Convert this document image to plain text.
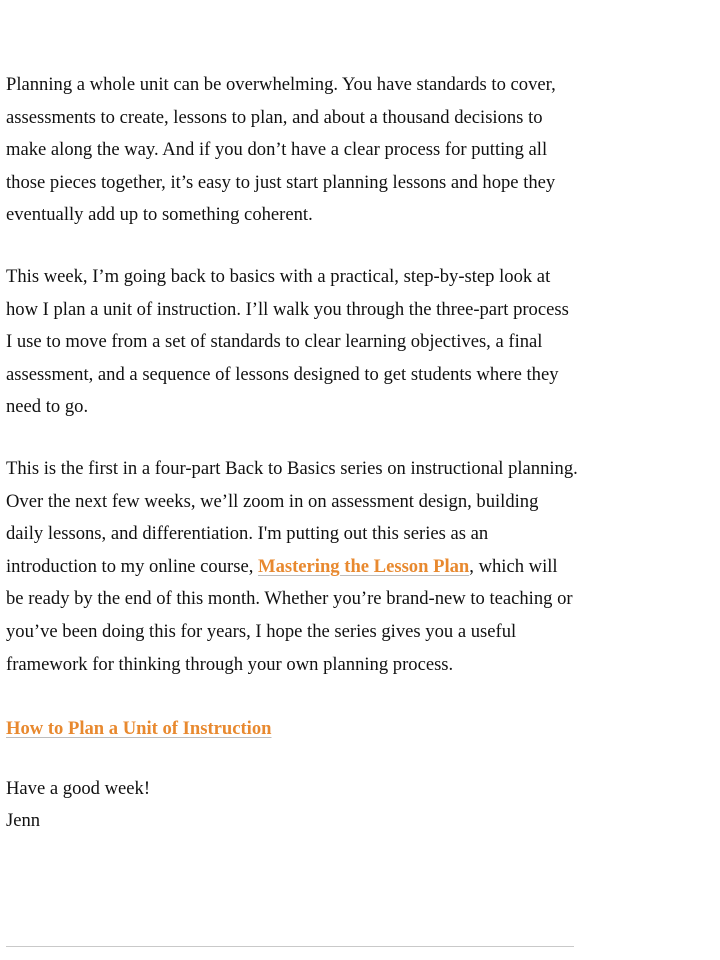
Planning a whole unit can be overwhelming. You have standards to cover, assessments to create, lessons to plan, and about a thousand decisions to make along the way. And if you don’t have a clear process for putting all those pieces together, it’s easy to just start planning lessons and hope they eventually add up to something coherent.

This week, I’m going back to basics with a practical, step-by-step look at how I plan a unit of instruction. I’ll walk you through the three-part process I use to move from a set of standards to clear learning objectives, a final assessment, and a sequence of lessons designed to get students where they need to go.

This is the first in a four-part Back to Basics series on instructional planning. Over the next few weeks, we’ll zoom in on assessment design, building daily lessons, and differentiation. I'm putting out this series as an introduction to my online course, Mastering the Lesson Plan, which will be ready by the end of this month. Whether you’re brand-new to teaching or you’ve been doing this for years, I hope the series gives you a useful framework for thinking through your own planning process.

How to Plan a Unit of Instruction

Have a good week!

Jenn
